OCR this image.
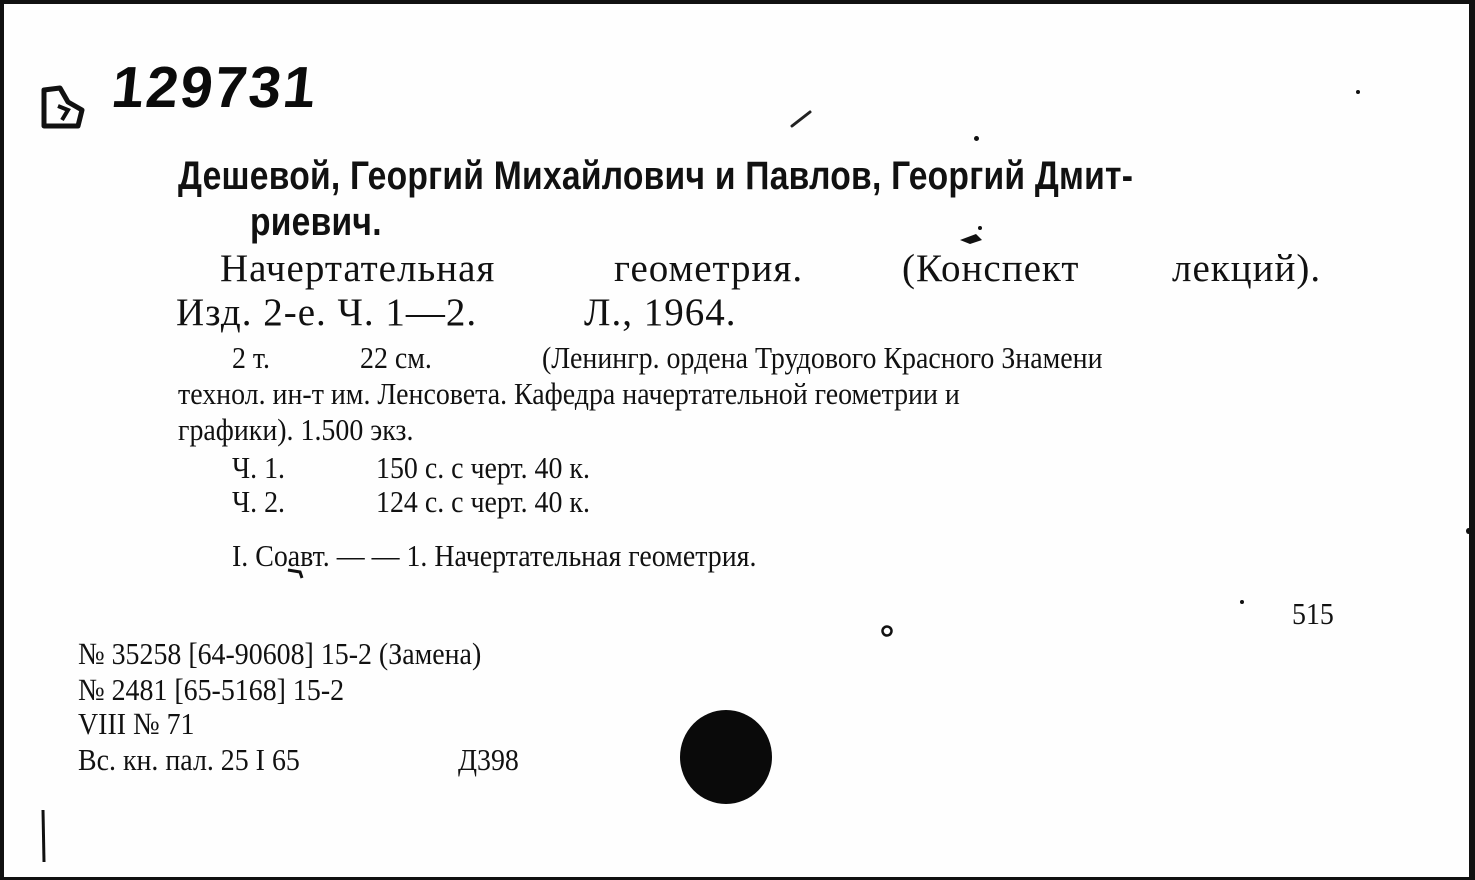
129731
Дешевой, Георгий Михайлович и Павлов, Георгий Дмит-
риевич.
Начертательная	геометрия.	(Конспект лекций).
Изд. 2-е. Ч. 1—2.	Л., 1964.
2 т.	22 см.	(Ленингр. ордена Трудового Красного Знамени
технол. ин-т им. Ленсовета. Кафедра начертательной геометрии и
графики). 1.500 экз.
Ч. 1.	150 с. с черт. 40 к.
Ч. 2.	124 с. с черт. 40 к.
I. Соавт. — — 1. Начертательная геометрия.
515
№ 35258 [64-90608] 15-2 (Замена)
№ 2481 [65-5168] 15-2
VIII № 71
Вс. кн. пал. 25 I 65	Д398
